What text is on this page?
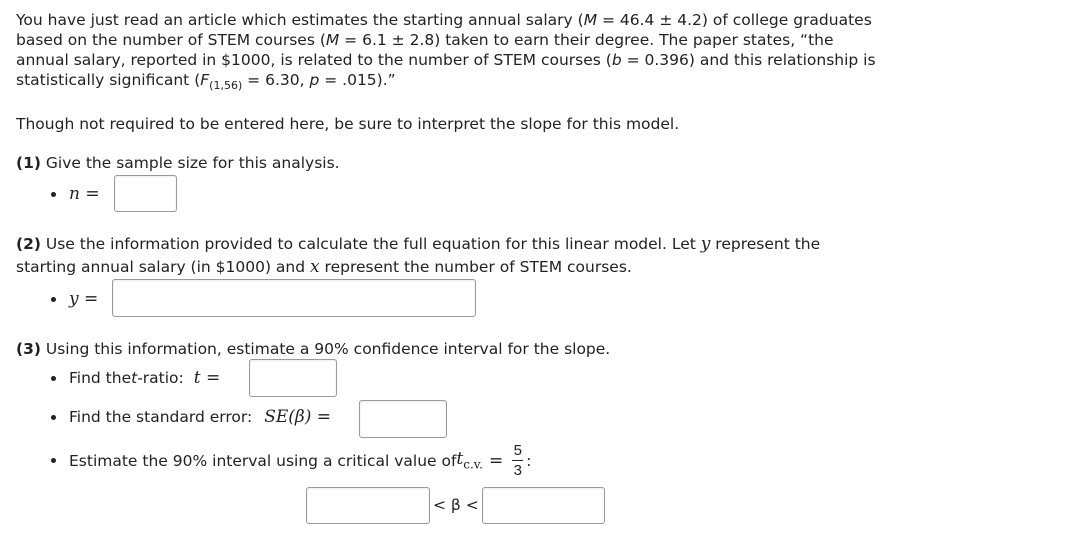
You have just read an article which estimates the starting annual salary (M = 46.4 ± 4.2) of college graduates
based on the number of STEM courses (M = 6.1 ± 2.8) taken to earn their degree. The paper states, “the
annual salary, reported in $1000, is related to the number of STEM courses (b = 0.396) and this relationship is
statistically significant ($F_{(1,56)} = 6.30$, p = .015).”
Though not required to be entered here, be sure to interpret the slope for this model.
(1) Give the sample size for this analysis.
n =
(2) Use the information provided to calculate the full equation for this linear model. Let y represent the
starting annual salary (in $1000) and x represent the number of STEM courses.
y =
(3) Using this information, estimate a 90% confidence interval for the slope.
Find the t -ratio: t =
Find the standard error: SE(β) =
Estimate the 90% interval using a critical value of $t_{c.v.} = \frac{5}{3}$ :
< β <
